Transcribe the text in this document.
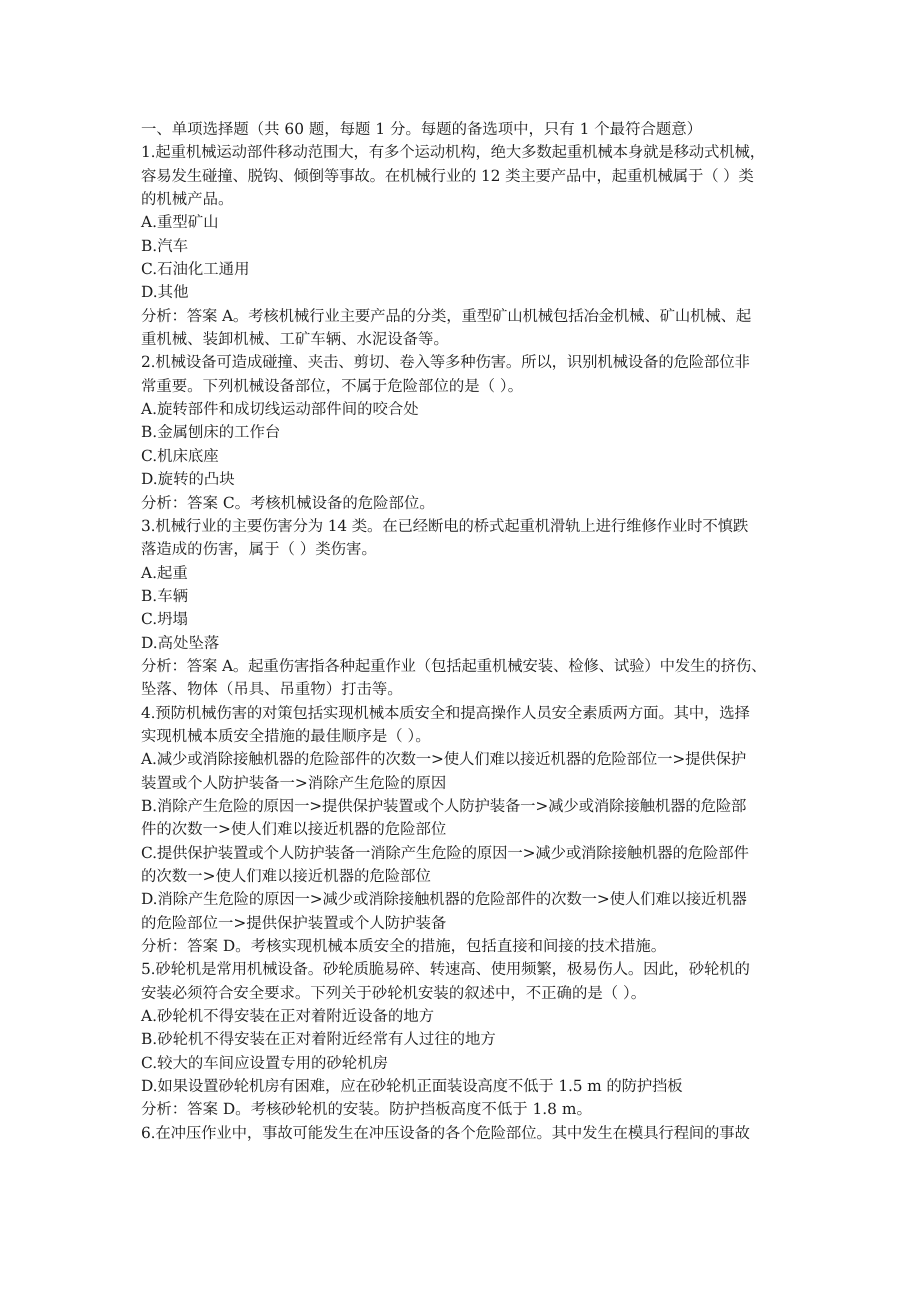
一、单项选择题（共 60 题，每题 1 分。每题的备选项中，只有 1 个最符合题意）
1.起重机械运动部件移动范围大，有多个运动机构，绝大多数起重机械本身就是移动式机械，
容易发生碰撞、脱钩、倾倒等事故。在机械行业的 12 类主要产品中，起重机械属于（ ）类
的机械产品。
A.重型矿山
B.汽车
C.石油化工通用
D.其他
分析：答案 A。考核机械行业主要产品的分类，重型矿山机械包括冶金机械、矿山机械、起
重机械、装卸机械、工矿车辆、水泥设备等。
2.机械设备可造成碰撞、夹击、剪切、卷入等多种伤害。所以，识别机械设备的危险部位非
常重要。下列机械设备部位，不属于危险部位的是（ ）。
A.旋转部件和成切线运动部件间的咬合处
B.金属刨床的工作台
C.机床底座
D.旋转的凸块
分析：答案 C。考核机械设备的危险部位。
3.机械行业的主要伤害分为 14 类。在已经断电的桥式起重机滑轨上进行维修作业时不慎跌
落造成的伤害，属于（ ）类伤害。
A.起重
B.车辆
C.坍塌
D.高处坠落
分析：答案 A。起重伤害指各种起重作业（包括起重机械安装、检修、试验）中发生的挤伤、
坠落、物体（吊具、吊重物）打击等。
4.预防机械伤害的对策包括实现机械本质安全和提高操作人员安全素质两方面。其中，选择
实现机械本质安全措施的最佳顺序是（ ）。
A.减少或消除接触机器的危险部件的次数一>使人们难以接近机器的危险部位一>提供保护
装置或个人防护装备一>消除产生危险的原因
B.消除产生危险的原因一>提供保护装置或个人防护装备一>减少或消除接触机器的危险部
件的次数一>使人们难以接近机器的危险部位
C.提供保护装置或个人防护装备一消除产生危险的原因一>减少或消除接触机器的危险部件
的次数一>使人们难以接近机器的危险部位
D.消除产生危险的原因一>减少或消除接触机器的危险部件的次数一>使人们难以接近机器
的危险部位一>提供保护装置或个人防护装备
分析：答案 D。考核实现机械本质安全的措施，包括直接和间接的技术措施。
5.砂轮机是常用机械设备。砂轮质脆易碎、转速高、使用频繁，极易伤人。因此，砂轮机的
安装必须符合安全要求。下列关于砂轮机安装的叙述中，不正确的是（ ）。
A.砂轮机不得安装在正对着附近设备的地方
B.砂轮机不得安装在正对着附近经常有人过往的地方
C.较大的车间应设置专用的砂轮机房
D.如果设置砂轮机房有困难，应在砂轮机正面装设高度不低于 1.5 m 的防护挡板
分析：答案 D。考核砂轮机的安装。防护挡板高度不低于 1.8 m。
6.在冲压作业中，事故可能发生在冲压设备的各个危险部位。其中发生在模具行程间的事故
